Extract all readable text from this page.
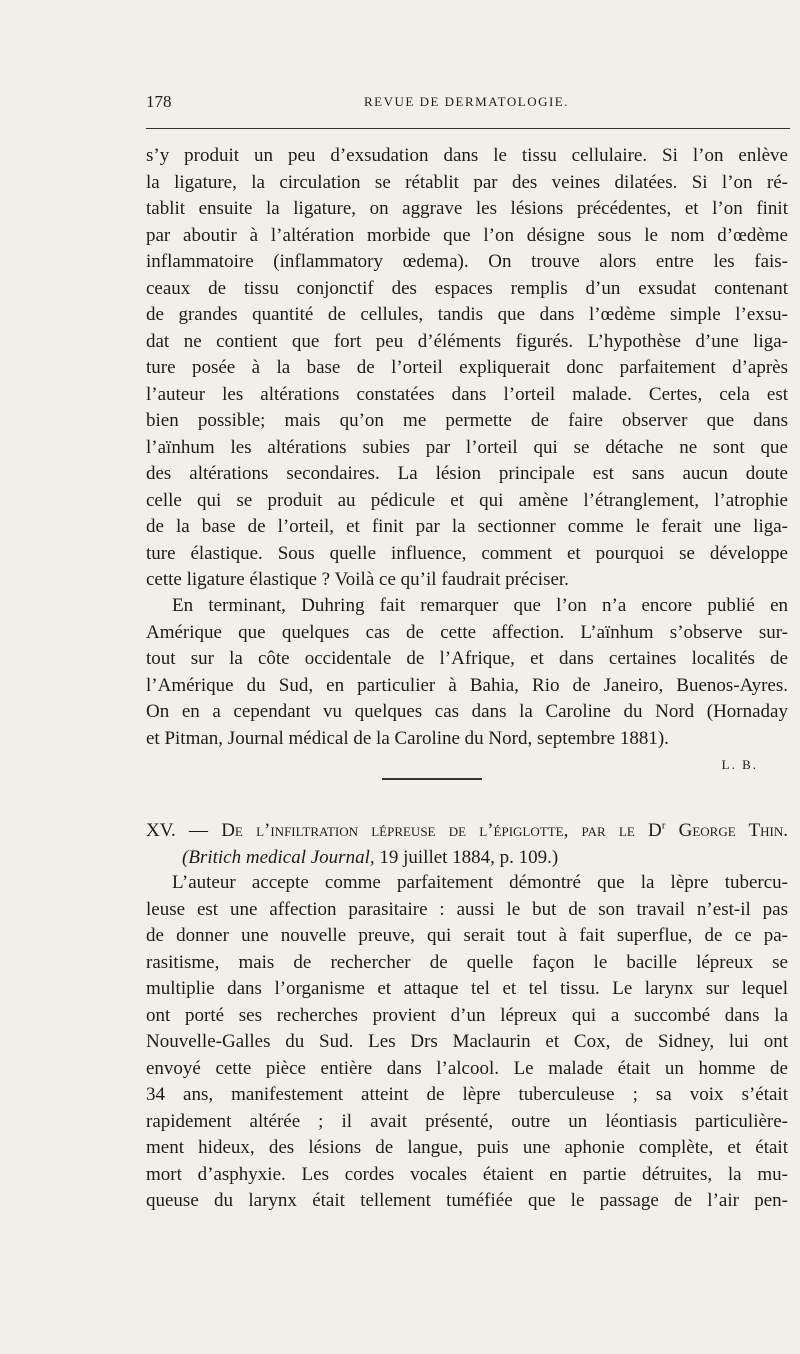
178	REVUE DE DERMATOLOGIE.
s’y produit un peu d’exsudation dans le tissu cellulaire. Si l’on enlève
la ligature, la circulation se rétablit par des veines dilatées. Si l’on ré-
tablit ensuite la ligature, on aggrave les lésions précédentes, et l’on finit
par aboutir à l’altération morbide que l’on désigne sous le nom d’œdème
inflammatoire (inflammatory œdema). On trouve alors entre les fais-
ceaux de tissu conjonctif des espaces remplis d’un exsudat contenant
de grandes quantité de cellules, tandis que dans l’œdème simple l’exsu-
dat ne contient que fort peu d’éléments figurés. L’hypothèse d’une liga-
ture posée à la base de l’orteil expliquerait donc parfaitement d’après
l’auteur les altérations constatées dans l’orteil malade. Certes, cela est
bien possible; mais qu’on me permette de faire observer que dans
l’aïnhum les altérations subies par l’orteil qui se détache ne sont que
des altérations secondaires. La lésion principale est sans aucun doute
celle qui se produit au pédicule et qui amène l’étranglement, l’atrophie
de la base de l’orteil, et finit par la sectionner comme le ferait une liga-
ture élastique. Sous quelle influence, comment et pourquoi se développe
cette ligature élastique ? Voilà ce qu’il faudrait préciser.
En terminant, Duhring fait remarquer que l’on n’a encore publié en
Amérique que quelques cas de cette affection. L’aïnhum s’observe sur-
tout sur la côte occidentale de l’Afrique, et dans certaines localités de
l’Amérique du Sud, en particulier à Bahia, Rio de Janeiro, Buenos-Ayres.
On en a cependant vu quelques cas dans la Caroline du Nord (Hornaday
et Pitman, Journal médical de la Caroline du Nord, septembre 1881).
L. B.
XV. — De l’infiltration lépreuse de l’épiglotte, par le $D^r$ George Thin.
(Britich medical Journal, 19 juillet 1884, p. 109.)
L’auteur accepte comme parfaitement démontré que la lèpre tubercu-
leuse est une affection parasitaire : aussi le but de son travail n’est-il pas
de donner une nouvelle preuve, qui serait tout à fait superflue, de ce pa-
rasitisme, mais de rechercher de quelle façon le bacille lépreux se
multiplie dans l’organisme et attaque tel et tel tissu. Le larynx sur lequel
ont porté ses recherches provient d’un lépreux qui a succombé dans la
Nouvelle-Galles du Sud. Les Drs Maclaurin et Cox, de Sidney, lui ont
envoyé cette pièce entière dans l’alcool. Le malade était un homme de
34 ans, manifestement atteint de lèpre tuberculeuse ; sa voix s’était
rapidement altérée ; il avait présenté, outre un léontiasis particulière-
ment hideux, des lésions de langue, puis une aphonie complète, et était
mort d’asphyxie. Les cordes vocales étaient en partie détruites, la mu-
queuse du larynx était tellement tuméfiée que le passage de l’air pen-
